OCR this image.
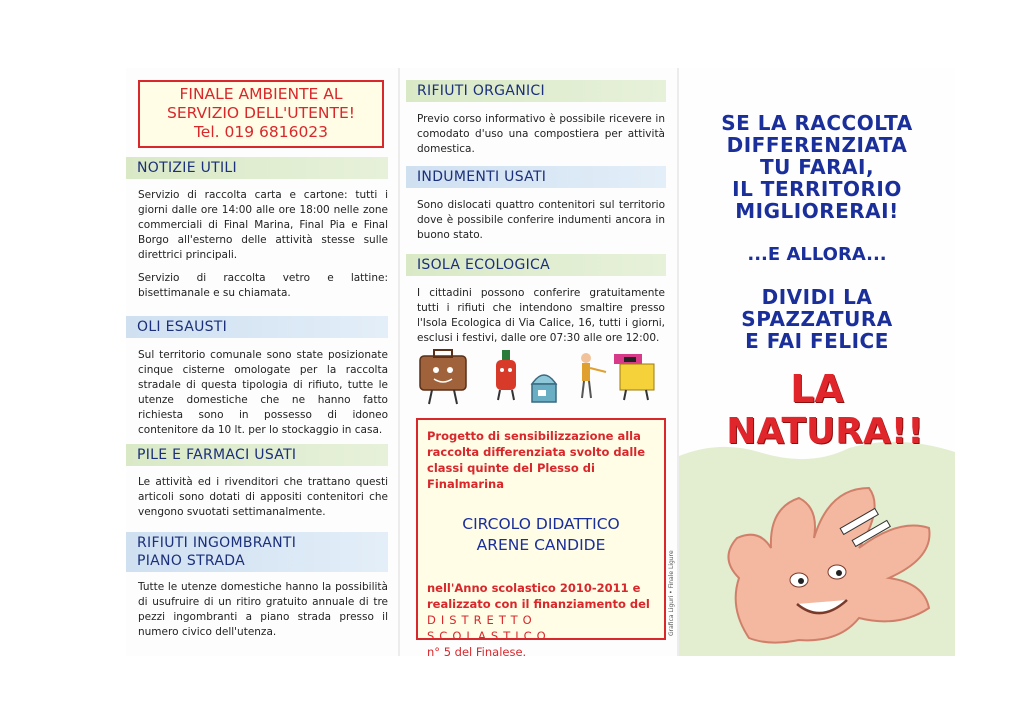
FINALE AMBIENTE AL
SERVIZIO DELL'UTENTE!
Tel. 019 6816023
NOTIZIE UTILI

Servizio di raccolta carta e cartone: tutti i giorni dalle ore 14:00 alle ore 18:00 nelle zone commerciali di Final Marina, Final Pia e Final Borgo all'esterno delle attività stesse sulle direttrici principali.

Servizio di raccolta vetro e lattine: bisettimanale e su chiamata.

OLI ESAUSTI
Sul territorio comunale sono state posizionate cinque cisterne omologate per la raccolta stradale di questa tipologia di rifiuto, tutte le utenze domestiche che ne hanno fatto richiesta sono in possesso di idoneo contenitore da 10 lt. per lo stockaggio in casa.
PILE E FARMACI USATI
Le attività ed i rivenditori che trattano questi articoli sono dotati di appositi contenitori che vengono svuotati settimanalmente.
RIFIUTI INGOMBRANTI
PIANO STRADA
Tutte le utenze domestiche hanno la possibilità di usufruire di un ritiro gratuito annuale di tre pezzi ingombranti a piano strada presso il numero civico dell'utenza.
RIFIUTI ORGANICI
Previo corso informativo è possibile ricevere in comodato d'uso una compostiera per attività domestica.
INDUMENTI USATI
Sono dislocati quattro contenitori sul territorio dove è possibile conferire indumenti ancora in buono stato.
ISOLA ECOLOGICA
I cittadini possono conferire gratuitamente tutti i rifiuti che intendono smaltire presso l'Isola Ecologica di Via Calice, 16, tutti i giorni, esclusi i festivi, dalle ore 07:30 alle ore 12:00.

Progetto di sensibilizzazione alla raccolta differenziata svolto dalle classi quinte del Plesso di Finalmarina

CIRCOLO DIDATTICO
ARENE CANDIDE

nell'Anno scolastico 2010-2011 e

realizzato con il finanziamento del

DISTRETTO SCOLASTICO

n° 5 del Finalese.

Grafica Liguri • Finale Ligure
SE LA RACCOLTA
DIFFERENZIATA
TU FARAI,
IL TERRITORIO
MIGLIORERAI!
...E ALLORA...
DIVIDI LA
SPAZZATURA
E FAI FELICE
LA
NATURA!!
